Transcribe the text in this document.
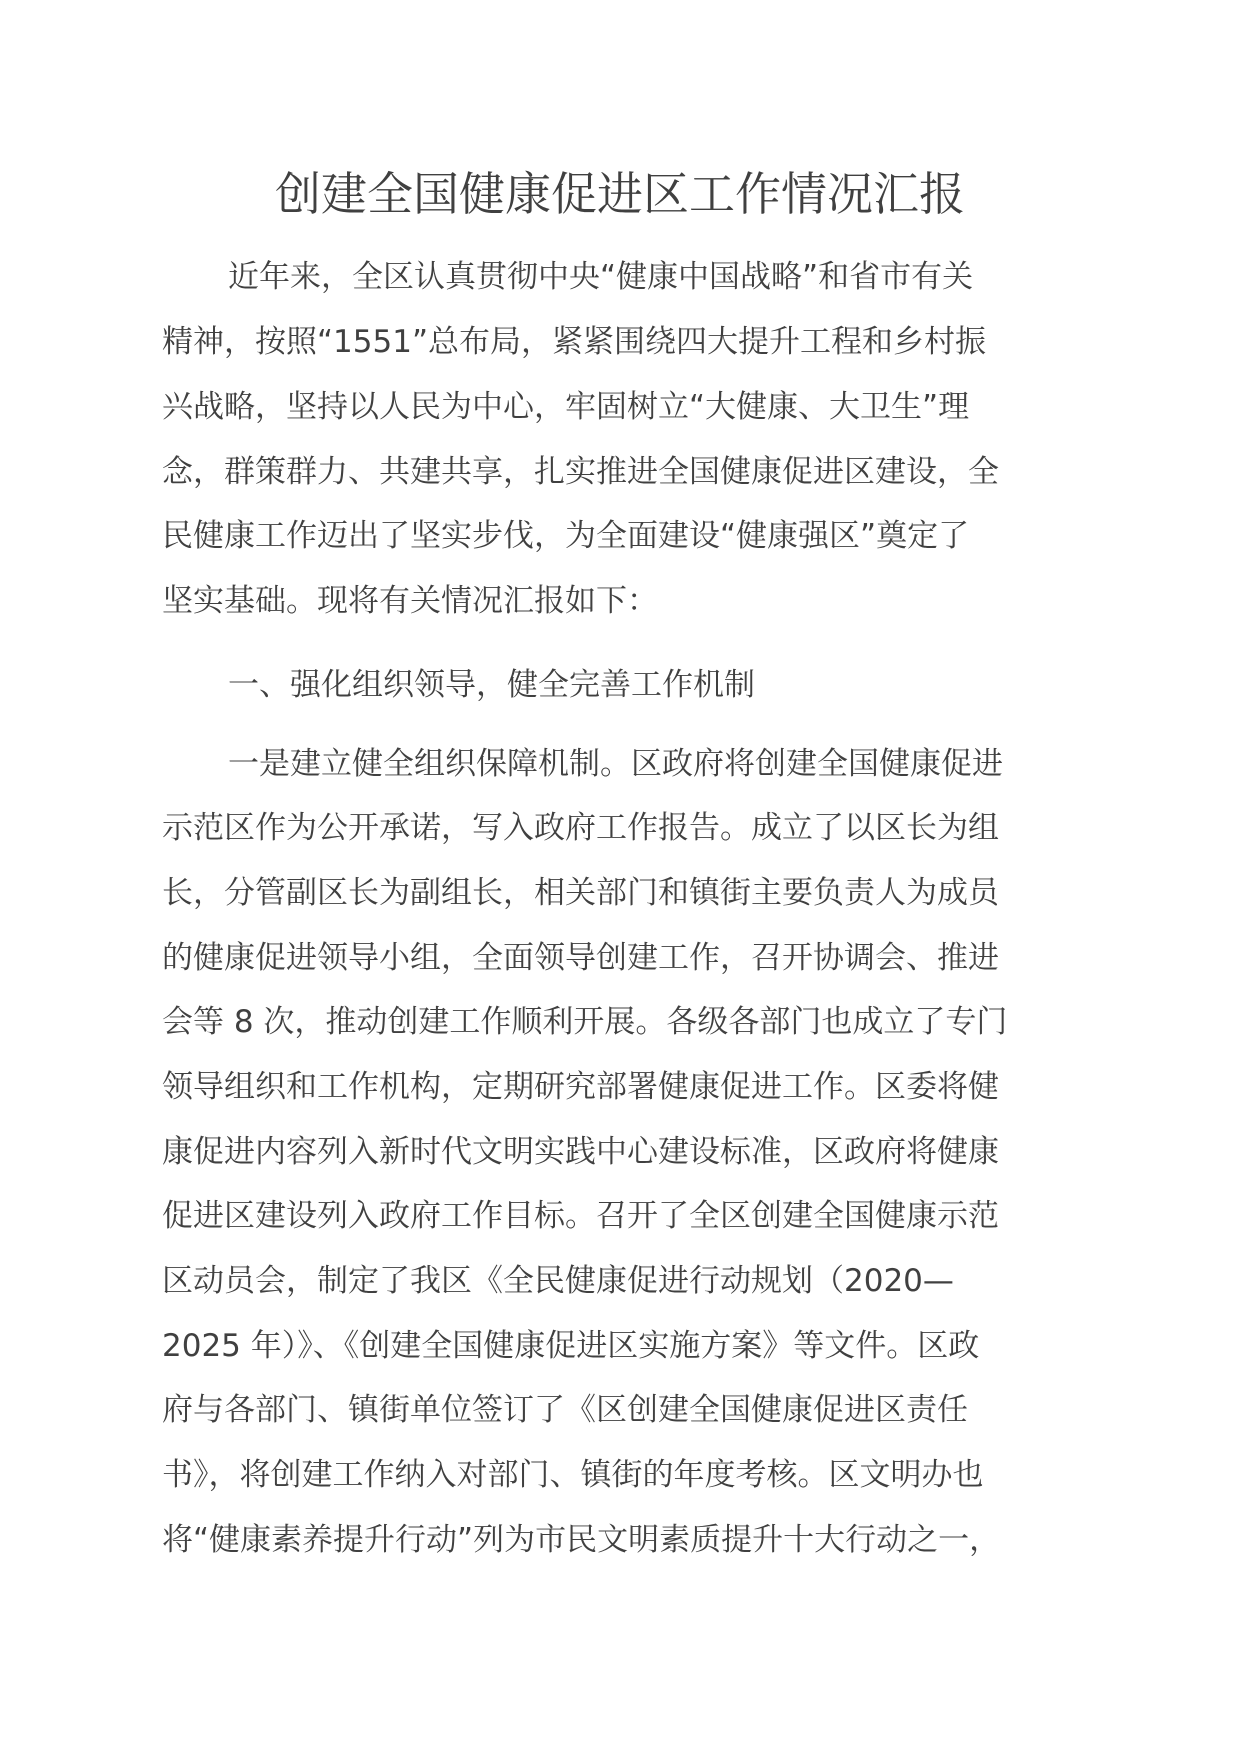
创建全国健康促进区工作情况汇报
近年来，全区认真贯彻中央“健康中国战略”和省市有关
精神，按照“1551”总布局，紧紧围绕四大提升工程和乡村振
兴战略，坚持以人民为中心，牢固树立“大健康、大卫生”理
念，群策群力、共建共享，扎实推进全国健康促进区建设，全
民健康工作迈出了坚实步伐，为全面建设“健康强区”奠定了
坚实基础。现将有关情况汇报如下：
一、强化组织领导，健全完善工作机制
一是建立健全组织保障机制。区政府将创建全国健康促进
示范区作为公开承诺，写入政府工作报告。成立了以区长为组
长，分管副区长为副组长，相关部门和镇街主要负责人为成员
的健康促进领导小组，全面领导创建工作，召开协调会、推进
会等 8 次，推动创建工作顺利开展。各级各部门也成立了专门
领导组织和工作机构，定期研究部署健康促进工作。区委将健
康促进内容列入新时代文明实践中心建设标准，区政府将健康
促进区建设列入政府工作目标。召开了全区创建全国健康示范
区动员会，制定了我区《全民健康促进行动规划（2020—
2025 年）》、《创建全国健康促进区实施方案》等文件。区政
府与各部门、镇街单位签订了《区创建全国健康促进区责任
书》，将创建工作纳入对部门、镇街的年度考核。区文明办也
将“健康素养提升行动”列为市民文明素质提升十大行动之一，
